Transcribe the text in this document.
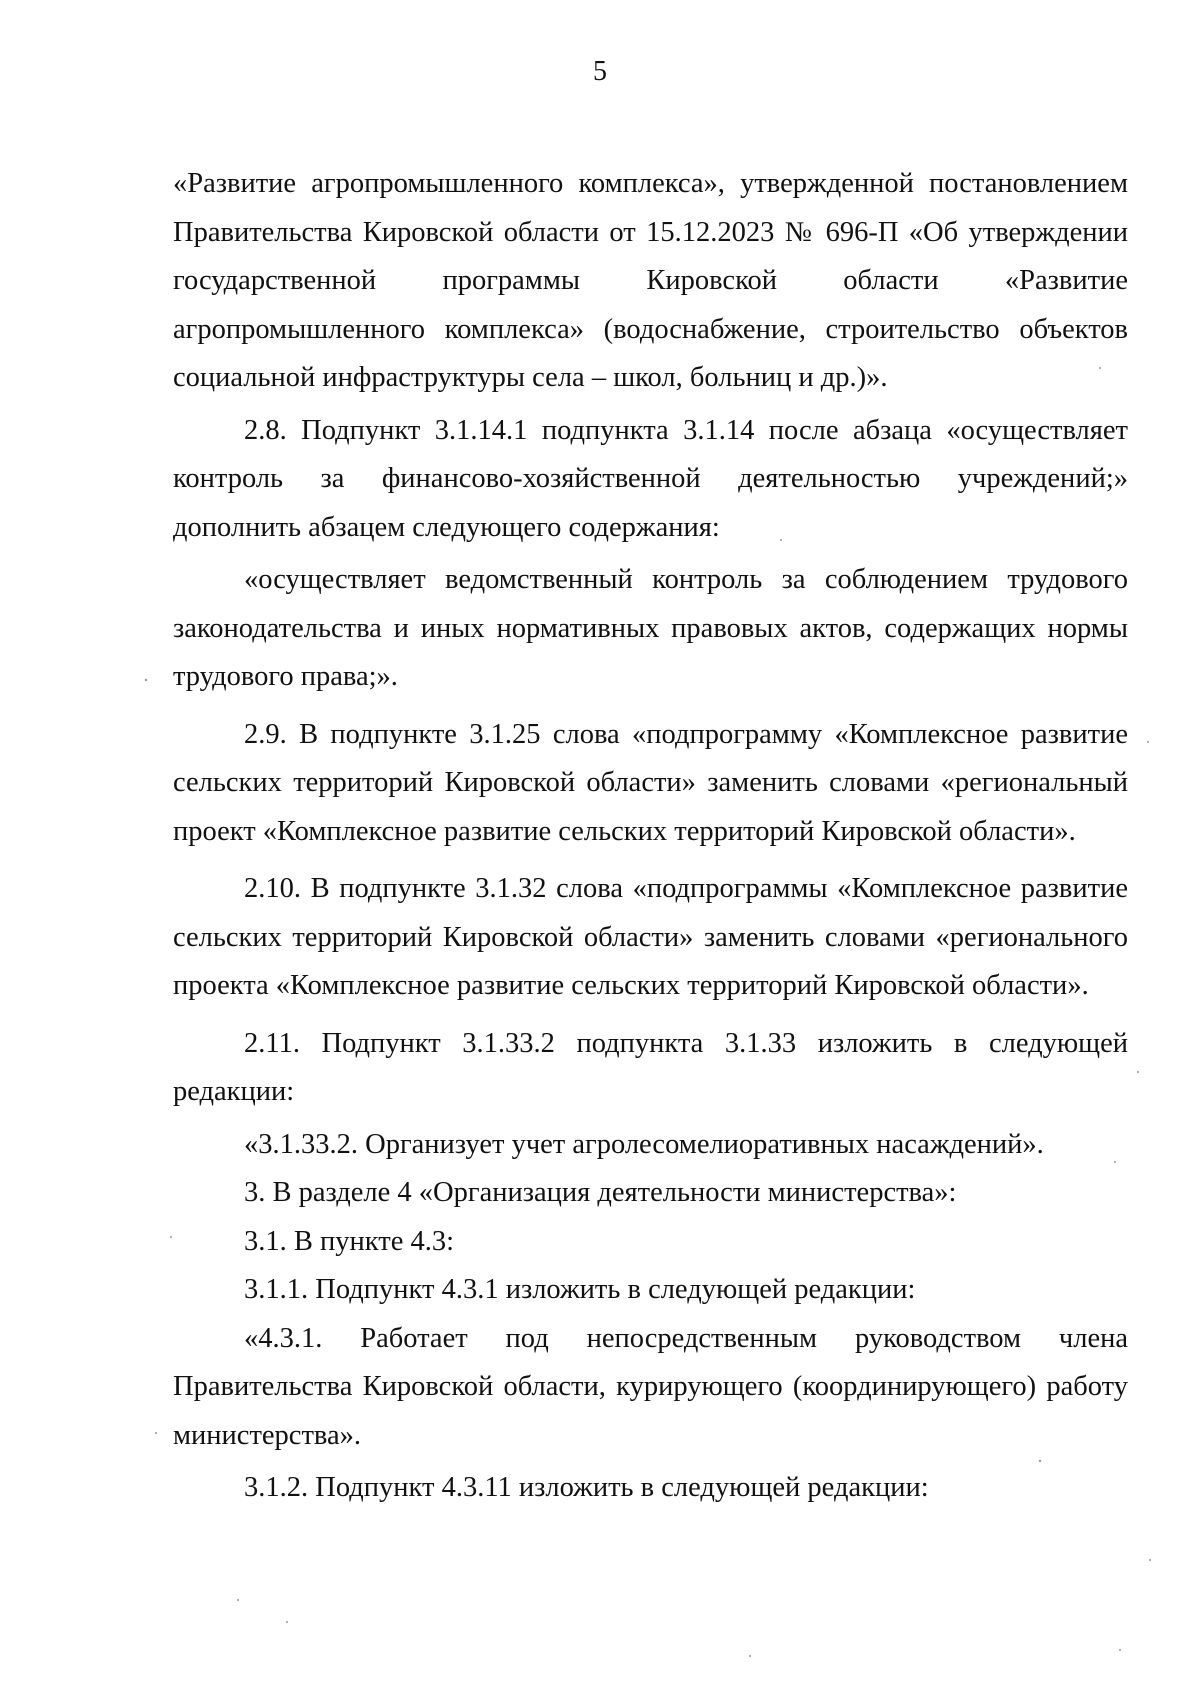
5

«Развитие агропромышленного комплекса», утвержденной постановлением Правительства Кировской области от 15.12.2023 № 696-П «Об утверждении государственной программы Кировской области «Развитие агропромышленного комплекса» (водоснабжение, строительство объектов социальной инфраструктуры села – школ, больниц и др.)».

2.8. Подпункт 3.1.14.1 подпункта 3.1.14 после абзаца «осуществляет контроль за финансово-хозяйственной деятельностью учреждений;» дополнить абзацем следующего содержания:

«осуществляет ведомственный контроль за соблюдением трудового законодательства и иных нормативных правовых актов, содержащих нормы трудового права;».

2.9. В подпункте 3.1.25 слова «подпрограмму «Комплексное развитие сельских территорий Кировской области» заменить словами «региональный проект «Комплексное развитие сельских территорий Кировской области».

2.10. В подпункте 3.1.32 слова «подпрограммы «Комплексное развитие сельских территорий Кировской области» заменить словами «регионального проекта «Комплексное развитие сельских территорий Кировской области».

2.11. Подпункт 3.1.33.2 подпункта 3.1.33 изложить в следующей редакции:

«3.1.33.2. Организует учет агролесомелиоративных насаждений».

3. В разделе 4 «Организация деятельности министерства»:

3.1. В пункте 4.3:

3.1.1. Подпункт 4.3.1 изложить в следующей редакции:

«4.3.1. Работает под непосредственным руководством члена Правительства Кировской области, курирующего (координирующего) работу министерства».

3.1.2. Подпункт 4.3.11 изложить в следующей редакции:
